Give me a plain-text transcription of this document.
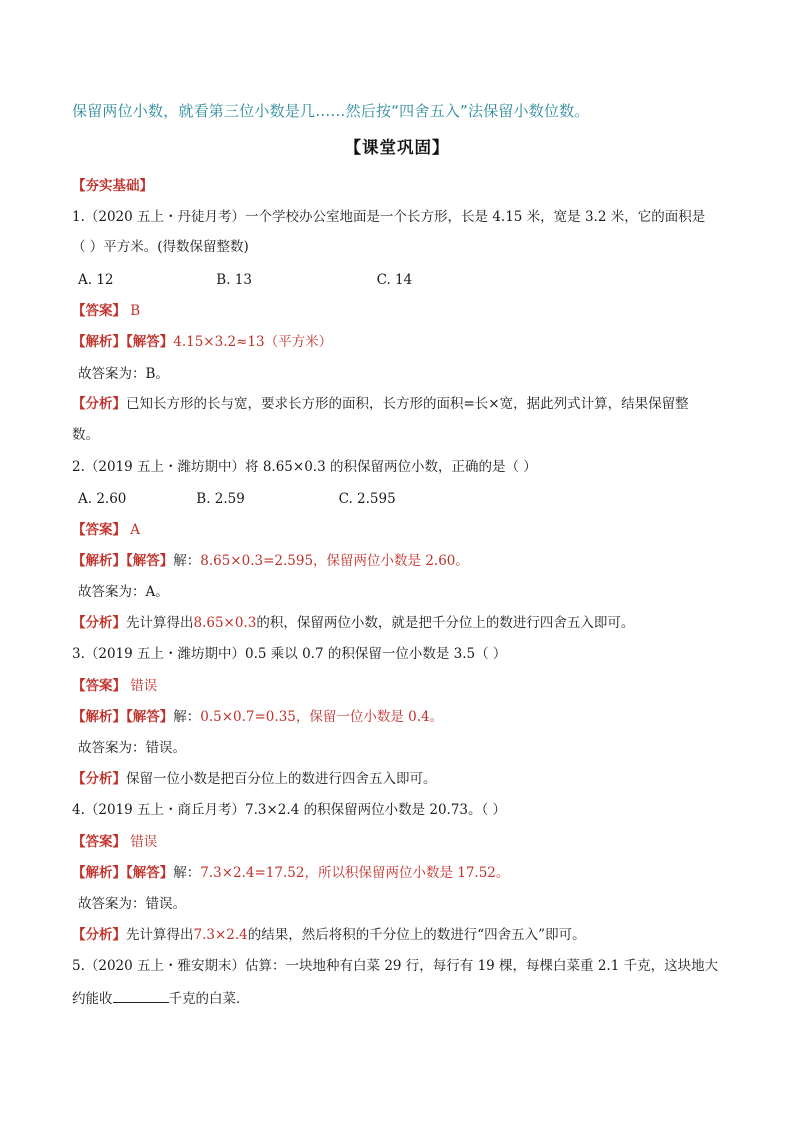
保留两位小数，就看第三位小数是几……然后按“四舍五入”法保留小数位数。
【课堂巩固】
【夯实基础】
1.（2020 五上・丹徒月考）一个学校办公室地面是一个长方形，长是 4.15 米，宽是 3.2 米，它的面积是
（ ）平方米。(得数保留整数)
A. 12	B. 13	C. 14
【答案】 B
【解析】【解答】4.15×3.2≈13（平方米）
故答案为：B。
【分析】已知长方形的长与宽，要求长方形的面积，长方形的面积=长×宽，据此列式计算，结果保留整
数。
2.（2019 五上・潍坊期中）将 8.65×0.3 的积保留两位小数，正确的是（ ）
A. 2.60	B. 2.59	C. 2.595
【答案】 A
【解析】【解答】解：8.65×0.3=2.595，保留两位小数是 2.60。
故答案为：A。
【分析】先计算得出8.65×0.3的积，保留两位小数，就是把千分位上的数进行四舍五入即可。
3.（2019 五上・潍坊期中）0.5 乘以 0.7 的积保留一位小数是 3.5（ ）
【答案】 错误
【解析】【解答】解：0.5×0.7=0.35，保留一位小数是 0.4。
故答案为：错误。
【分析】保留一位小数是把百分位上的数进行四舍五入即可。
4.（2019 五上・商丘月考）7.3×2.4 的积保留两位小数是 20.73。（ ）
【答案】 错误
【解析】【解答】解：7.3×2.4=17.52，所以积保留两位小数是 17.52。
故答案为：错误。
【分析】先计算得出7.3×2.4的结果，然后将积的千分位上的数进行“四舍五入”即可。
5.（2020 五上・雅安期末）估算：一块地种有白菜 29 行，每行有 19 棵，每棵白菜重 2.1 千克，这块地大
约能收	千克的白菜．
